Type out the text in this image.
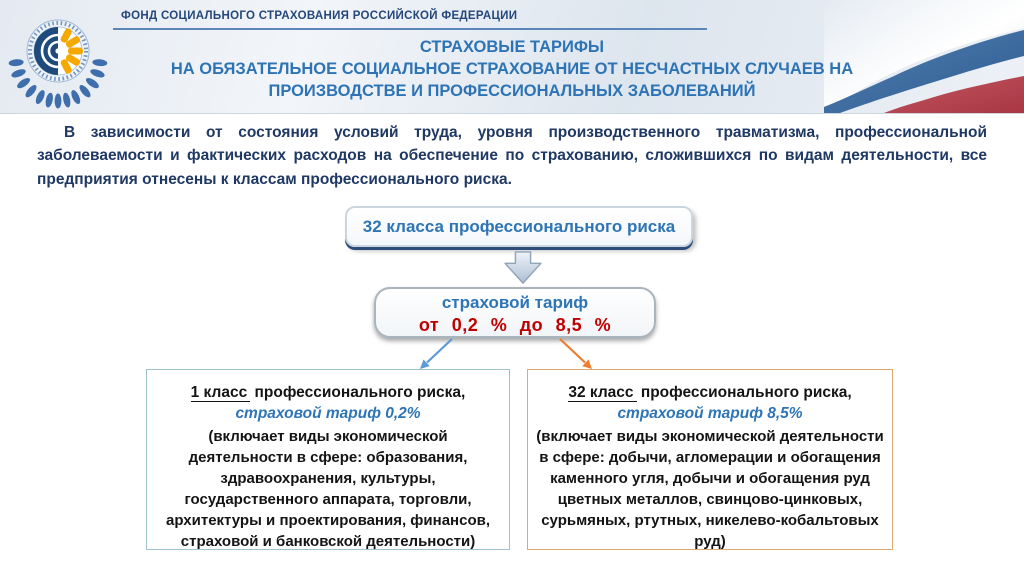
ФОНД СОЦИАЛЬНОГО СТРАХОВАНИЯ РОССИЙСКОЙ ФЕДЕРАЦИИ
СТРАХОВЫЕ ТАРИФЫ
НА ОБЯЗАТЕЛЬНОЕ СОЦИАЛЬНОЕ СТРАХОВАНИЕ ОТ НЕСЧАСТНЫХ СЛУЧАЕВ НА
ПРОИЗВОДСТВЕ И ПРОФЕССИОНАЛЬНЫХ ЗАБОЛЕВАНИЙ

В зависимости от состояния условий труда, уровня производственного травматизма, профессиональной заболеваемости и фактических расходов на обеспечение по страхованию, сложившихся по видам деятельности, все предприятия отнесены к классам профессионального риска.

32 класса профессионального риска
страховой тариф
от 0,2 % до 8,5 %
1 класс профессионального риска,
страховой тариф 0,2%
(включает виды экономической деятельности в сфере: образования, здравоохранения, культуры, государственного аппарата, торговли, архитектуры и проектирования, финансов, страховой и банковской деятельности)
32 класс профессионального риска,
страховой тариф 8,5%
(включает виды экономической деятельности в сфере: добычи, агломерации и обогащения каменного угля, добычи и обогащения руд цветных металлов, свинцово-цинковых, сурьмяных, ртутных, никелево-кобальтовых руд)
